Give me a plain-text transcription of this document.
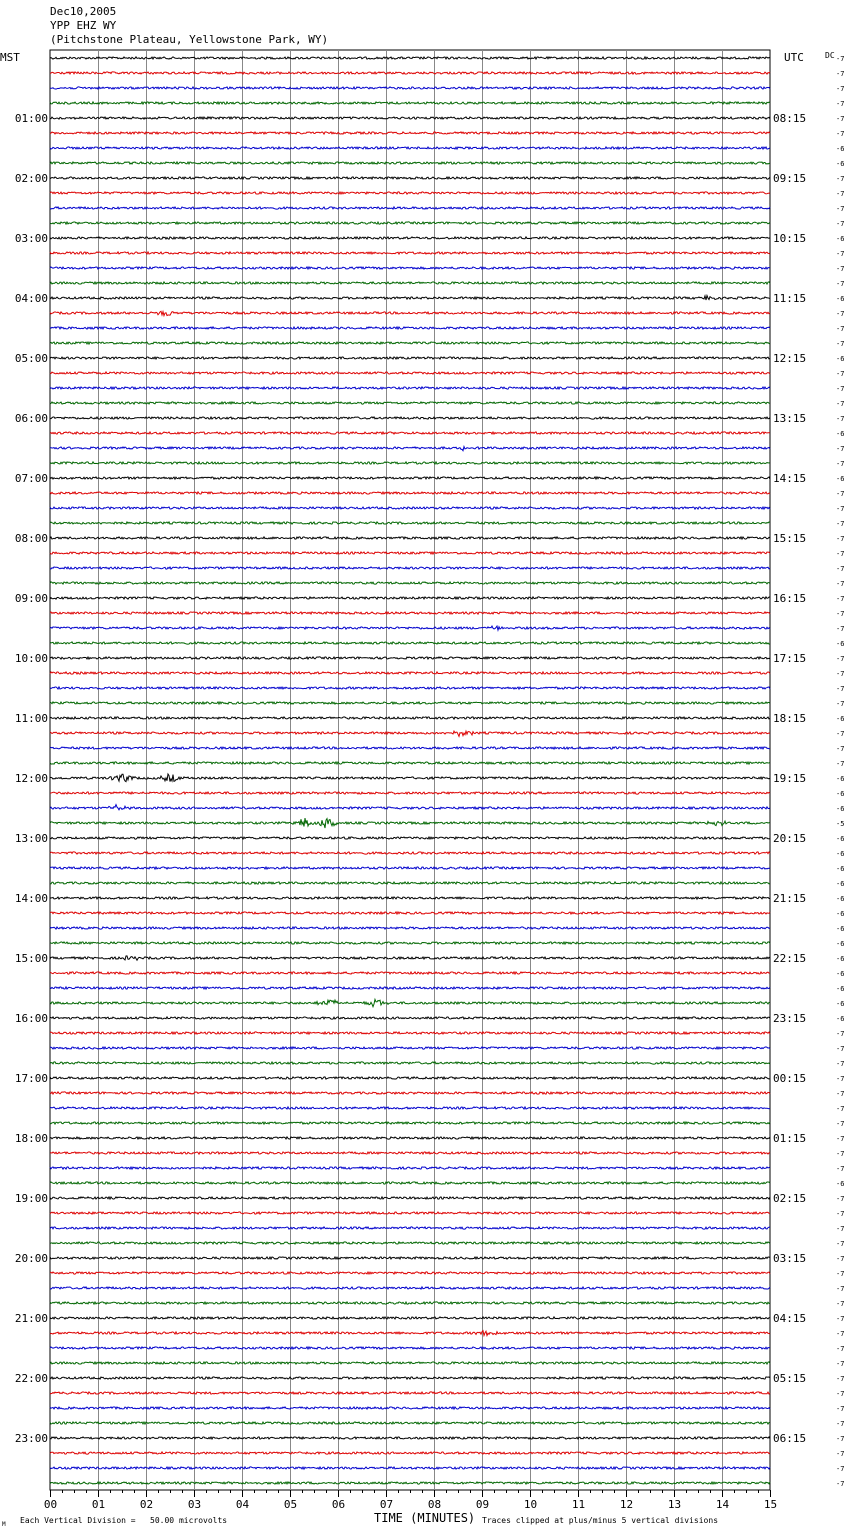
Dec10,2005
YPP EHZ WY
(Pitchstone Plateau, Yellowstone Park, WY)
MST	UTC	DC
TIME (MINUTES)
M Each Vertical Division =   50.00 microvolts	Traces clipped at plus/minus 5 vertical divisions
00	01	02	03	04	05	06	07	08	09	10	11	12	13	14	15
-7
-7
-7
-7
-7
-7
-6
-6
-7
-7
-7
-7
-6
-7
-7
-7
-6
-7
-7
-7
-6
-7
-7
-7
-7
-6
-7
-7
-6
-7
-7
-7
-7
-7
-7
-7
-7
-7
-7
-6
-7
-7
-7
-7
-6
-7
-7
-7
-6
-6
-6
-5
-6
-6
-6
-6
-6
-6
-6
-6
-6
-6
-6
-6
-6
-7
-7
-7
-7
-7
-7
-7
-7
-7
-7
-6
-7
-7
-7
-7
-7
-7
-7
-7
-7
-7
-7
-7
-7
-7
-7
-7
-7
-7
-7
-7
01:00
02:00
03:00
04:00
05:00
06:00
07:00
08:00
09:00
10:00
11:00
12:00
13:00
14:00
15:00
16:00
17:00
18:00
19:00
20:00
21:00
22:00
23:00
08:15
09:15
10:15
11:15
12:15
13:15
14:15
15:15
16:15
17:15
18:15
19:15
20:15
21:15
22:15
23:15
00:15
01:15
02:15
03:15
04:15
05:15
06:15
